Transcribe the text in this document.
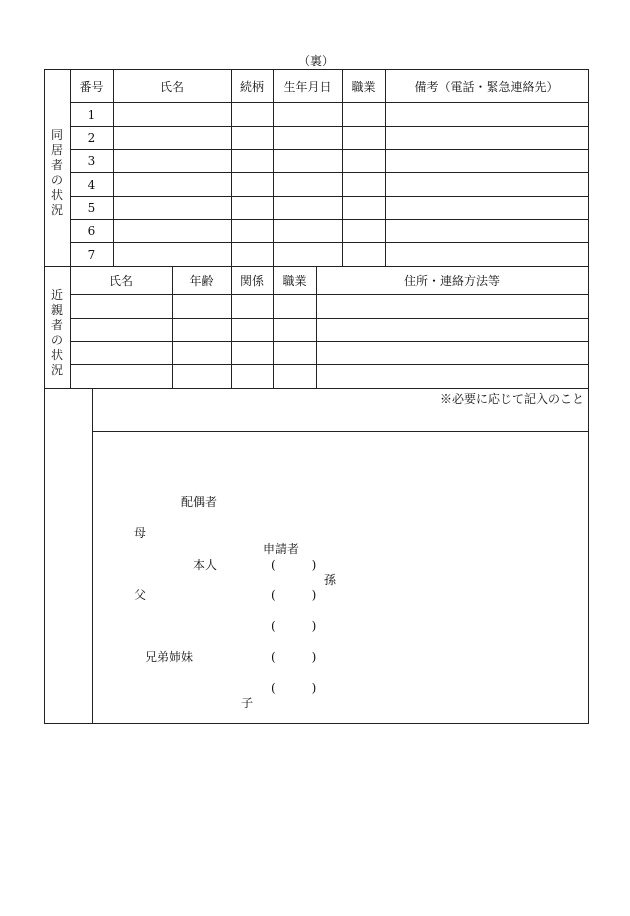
（裏）
同
居
者
の
状
況
番号	氏名	続柄	生年月日	職業	備考（電話・緊急連絡先）
1
2
3
4
5
6
7
近
親
者
の
状
況
氏名	年齢	関係	職業	住所・連絡方法等
※必要に応じて記入のこと
配偶者
母
申請者
本人	(　　　)
孫
父	(　　　)
(　　　)
兄弟姉妹	(　　　)
(　　　)
子
